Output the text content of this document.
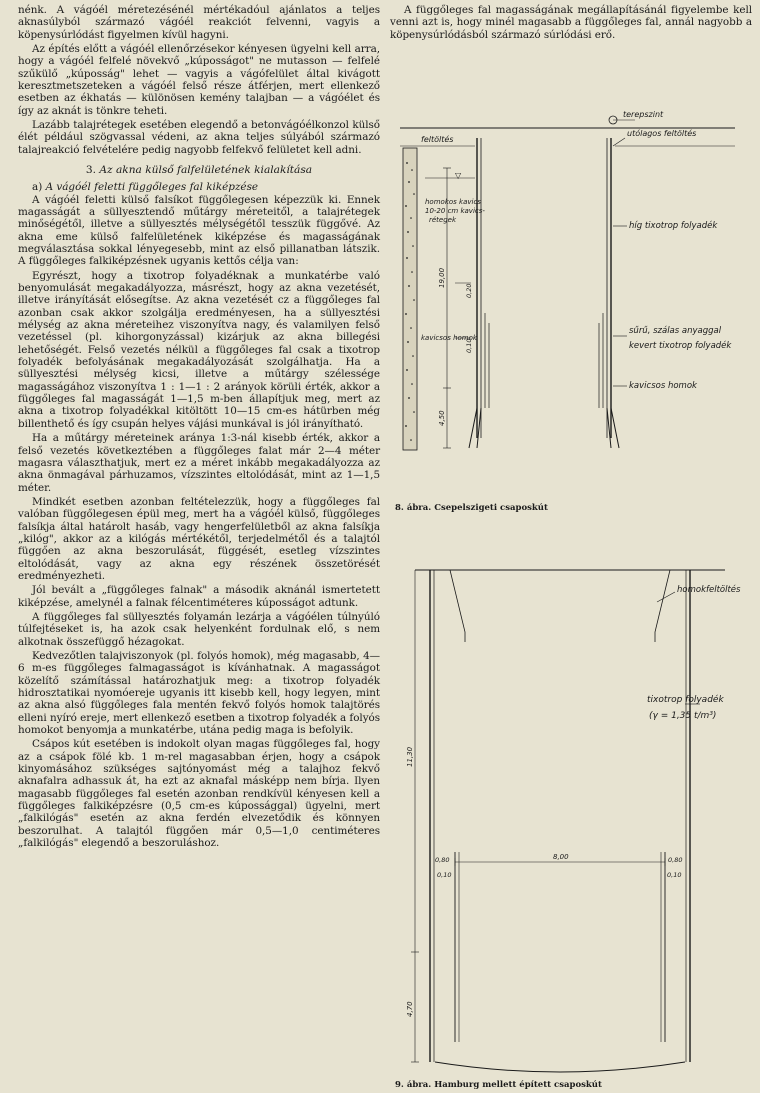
nénk. A vágóél méretezésénél mértékadóul ajánlatos a teljes aknasúlyból származó vágóél reakciót felvenni, vagyis a köpenysúrlódást figyelmen kívül hagyni.

Az építés előtt a vágóél ellenőrzésekor kényesen ügyelni kell arra, hogy a vágóél felfelé növekvő „kúposságot" ne mutasson — felfelé szűkülő „kúposság" lehet — vagyis a vágófelület által kivágott keresztmetszeteken a vágóél felső része átférjen, mert ellenkező esetben az ékhatás — különösen kemény talajban — a vágóélet és így az aknát is tönkre teheti.

Lazább talajrétegek esetében elegendő a betonvágóélkonzol külső élét például szögvassal védeni, az akna teljes súlyából származó talajreakció felvételére pedig nagyobb felfekvő felületet kell adni.

3. Az akna külső falfelületének kialakítása

a) A vágóél feletti függőleges fal kiképzése

A vágóél feletti külső falsíkot függőlegesen képezzük ki. Ennek magasságát a süllyesztendő műtárgy méreteitől, a talajrétegek minőségétől, illetve a süllyesztés mélységétől tesszük függővé. Az akna eme külső falfelületének kiképzése és magasságának megválasztása sokkal lényegesebb, mint az első pillanatban látszik. A függőleges falkiképzésnek ugyanis kettős célja van:

Egyrészt, hogy a tixotrop folyadéknak a munkatérbe való benyomulását megakadályozza, másrészt, hogy az akna vezetését, illetve irányítását elősegítse. Az akna vezetését cz a függőleges fal azonban csak akkor szolgálja eredményesen, ha a süllyesztési mélység az akna méreteihez viszonyítva nagy, és valamilyen felső vezetéssel (pl. kihorgonyzással) kizárjuk az akna billegési lehetőségét. Felső vezetés nélkül a függőleges fal csak a tixotrop folyadék befolyásának megakadályozását szolgálhatja. Ha a süllyesztési mélység kicsi, illetve a műtárgy szélessége magasságához viszonyítva 1 : 1—1 : 2 arányok körüli érték, akkor a függőleges fal magasságát 1—1,5 m-ben állapítjuk meg, mert az akna a tixotrop folyadékkal kitöltött 10—15 cm-es hátürben még billenthető és így csupán helyes vájási munkával is jól irányítható.

Ha a műtárgy méreteinek aránya 1:3-nál kisebb érték, akkor a felső vezetés következtében a függőleges falat már 2—4 méter magasra választhatjuk, mert ez a méret inkább megakadályozza az akna önmagával párhuzamos, vízszintes eltolódását, mint az 1—1,5 méter.

Mindkét esetben azonban feltételezzük, hogy a függőleges fal valóban függőlegesen épül meg, mert ha a vágóél külső, függőleges falsíkja által határolt hasáb, vagy hengerfelületből az akna falsíkja „kilóg", akkor az a kilógás mértékétől, terjedelmétől és a talajtól függően az akna beszorulását, függését, esetleg vízszintes eltolódását, vagy az akna egy részének összetörését eredményezheti.

Jól bevált a „függőleges falnak" a második aknánál ismertetett kiképzése, amelynél a falnak félcentiméteres kúposságot adtunk.

A függőleges fal süllyesztés folyamán lezárja a vágóélen túlnyúló túlfejtéseket is, ha azok csak helyenként fordulnak elő, s nem alkotnak összefüggő hézagokat.

Kedvezőtlen talajviszonyok (pl. folyós homok), még magasabb, 4—6 m-es függőleges falmagasságot is kívánhatnak. A magasságot közelítő számítással határozhatjuk meg: a tixotrop folyadék hidrosztatikai nyomóereje ugyanis itt kisebb kell, hogy legyen, mint az akna alsó függőleges fala mentén fekvő folyós homok talajtörés elleni nyíró ereje, mert ellenkező esetben a tixotrop folyadék a folyós homokot benyomja a munkatérbe, utána pedig maga is befolyik.

Csápos kút esetében is indokolt olyan magas függőleges fal, hogy az a csápok fölé kb. 1 m-rel magasabban érjen, hogy a csápok kinyomásához szükséges sajtónyomást még a talajhoz fekvő aknafalra adhassuk át, ha ezt az aknafal másképp nem bírja. Ilyen magasabb függőleges fal esetén azonban rendkívül kényesen kell a függőleges falkiképzésre (0,5 cm-es kúpossággal) ügyelni, mert „falkilógás" esetén az akna ferdén elvezetődik és könnyen beszorulhat. A talajtól függően már 0,5—1,0 centiméteres „falkilógás" elegendő a beszoruláshoz.

A függőleges fal magasságának megállapításánál figyelembe kell venni azt is, hogy minél magasabb a függőleges fal, annál nagyobb a köpenysúrlódásból származó súrlódási erő.

▽
terepszint
utólagos feltöltés
feltöltés
homokos kavics
10-20 cm kavics-
rétegek
híg tixotrop folyadék
sűrű, szálas anyaggal
kevert tixotrop folyadék
kavicsos homok
kavicsos homok
19,00
0,20
0,10
4,50
8. ábra. Csepelszigeti csaposkút
homokfeltöltés
tixotrop folyadék
(γ = 1,35 t/m³)
11,30
4,70
8,00
0,10	0,10
0,80	0,80
9. ábra. Hamburg mellett épített csaposkút
